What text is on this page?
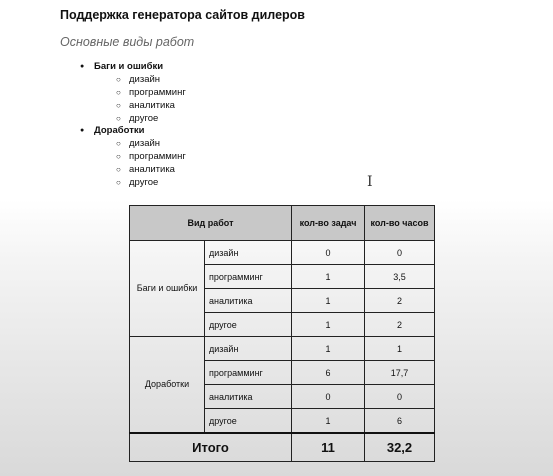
Поддержка генератора сайтов дилеров
Основные виды работ
● Баги и ошибки
○ дизайн
○ программинг
○ аналитика
○ другое
● Доработки
○ дизайн
○ программинг
○ аналитика
○ другое	I
Вид работ		кол-во задач	кол-во часов
Баги и ошибки	дизайн	0	0
	программинг	1	3,5
	аналитика	1	2
	другое	1	2
Доработки	дизайн	1	1
	программинг	6	17,7
	аналитика	0	0
	другое	1	6
Итого		11	32,2
